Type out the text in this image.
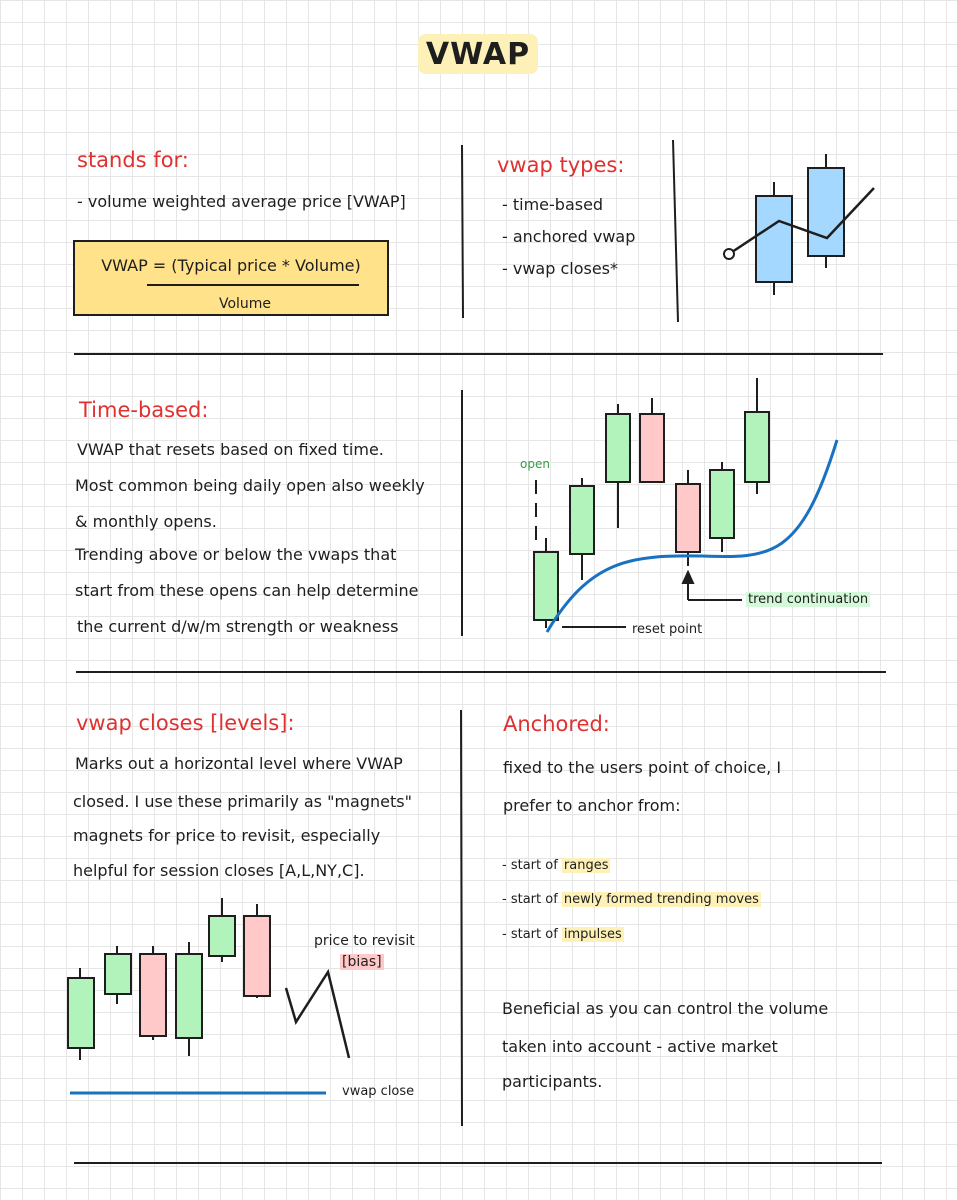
VWAP
stands for:
- volume weighted average price [VWAP]
VWAP = (Typical price * Volume)
Volume
vwap types:
- time-based
- anchored vwap
- vwap closes*
Time-based:
VWAP that resets based on fixed time.
Most common being daily open also weekly
& monthly opens.
Trending above or below the vwaps that
start from these opens can help determine
the current d/w/m strength or weakness
open
trend continuation
reset point
vwap closes [levels]:
Marks out a horizontal level where VWAP
closed. I use these primarily as "magnets"
magnets for price to revisit, especially
helpful for session closes [A,L,NY,C].
price to revisit
[bias]
vwap close
Anchored:
fixed to the users point of choice, I
prefer to anchor from:
- start of ranges
- start of newly formed trending moves
- start of impulses
Beneficial as you can control the volume
taken into account - active market
participants.
